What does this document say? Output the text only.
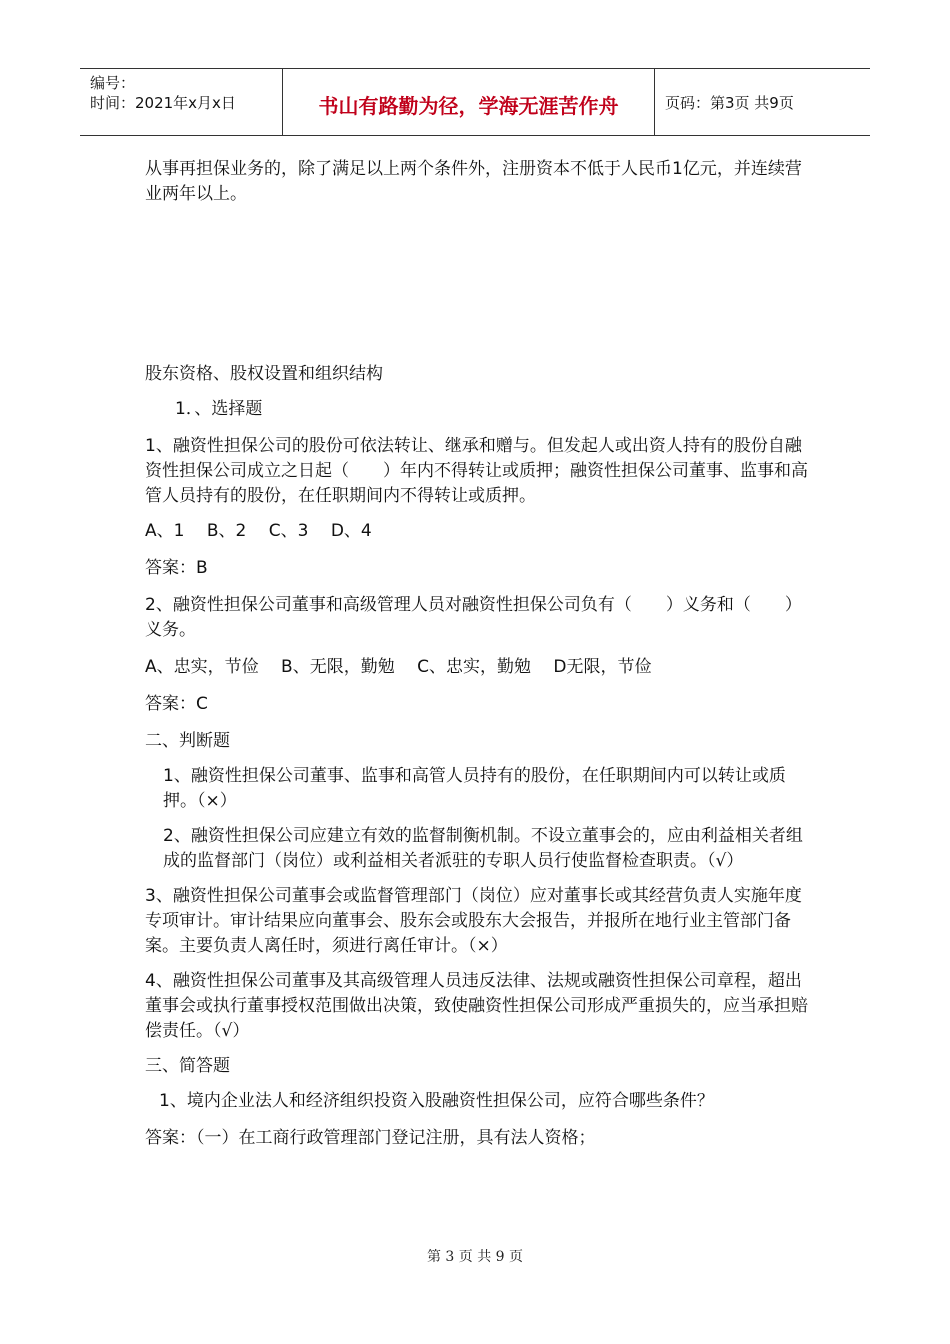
编号：
时间：2021年x月x日	书山有路勤为径，学海无涯苦作舟	页码：第3页 共9页

从事再担保业务的，除了满足以上两个条件外，注册资本不低于人民币1亿元，并连续营业两年以上。

股东资格、股权设置和组织结构

1．、选择题

1、融资性担保公司的股份可依法转让、继承和赠与。但发起人或出资人持有的股份自融资性担保公司成立之日起（　　）年内不得转让或质押；融资性担保公司董事、监事和高管人员持有的股份，在任职期间内不得转让或质押。

A、1　 B、2　 C、3　 D、4

答案：B

2、融资性担保公司董事和高级管理人员对融资性担保公司负有（　　）义务和（　　）义务。

A、忠实，节俭　 B、无限，勤勉　 C、忠实，勤勉　 D无限，节俭

答案：C

二、判断题

1、融资性担保公司董事、监事和高管人员持有的股份，在任职期间内可以转让或质押。（×）

2、融资性担保公司应建立有效的监督制衡机制。不设立董事会的，应由利益相关者组成的监督部门（岗位）或利益相关者派驻的专职人员行使监督检查职责。（√）

3、融资性担保公司董事会或监督管理部门（岗位）应对董事长或其经营负责人实施年度专项审计。审计结果应向董事会、股东会或股东大会报告，并报所在地行业主管部门备案。主要负责人离任时，须进行离任审计。（×）

4、融资性担保公司董事及其高级管理人员违反法律、法规或融资性担保公司章程，超出董事会或执行董事授权范围做出决策，致使融资性担保公司形成严重损失的，应当承担赔偿责任。（√）

三、简答题

1、境内企业法人和经济组织投资入股融资性担保公司，应符合哪些条件？

答案：（一）在工商行政管理部门登记注册，具有法人资格；

第 3 页 共 9 页
